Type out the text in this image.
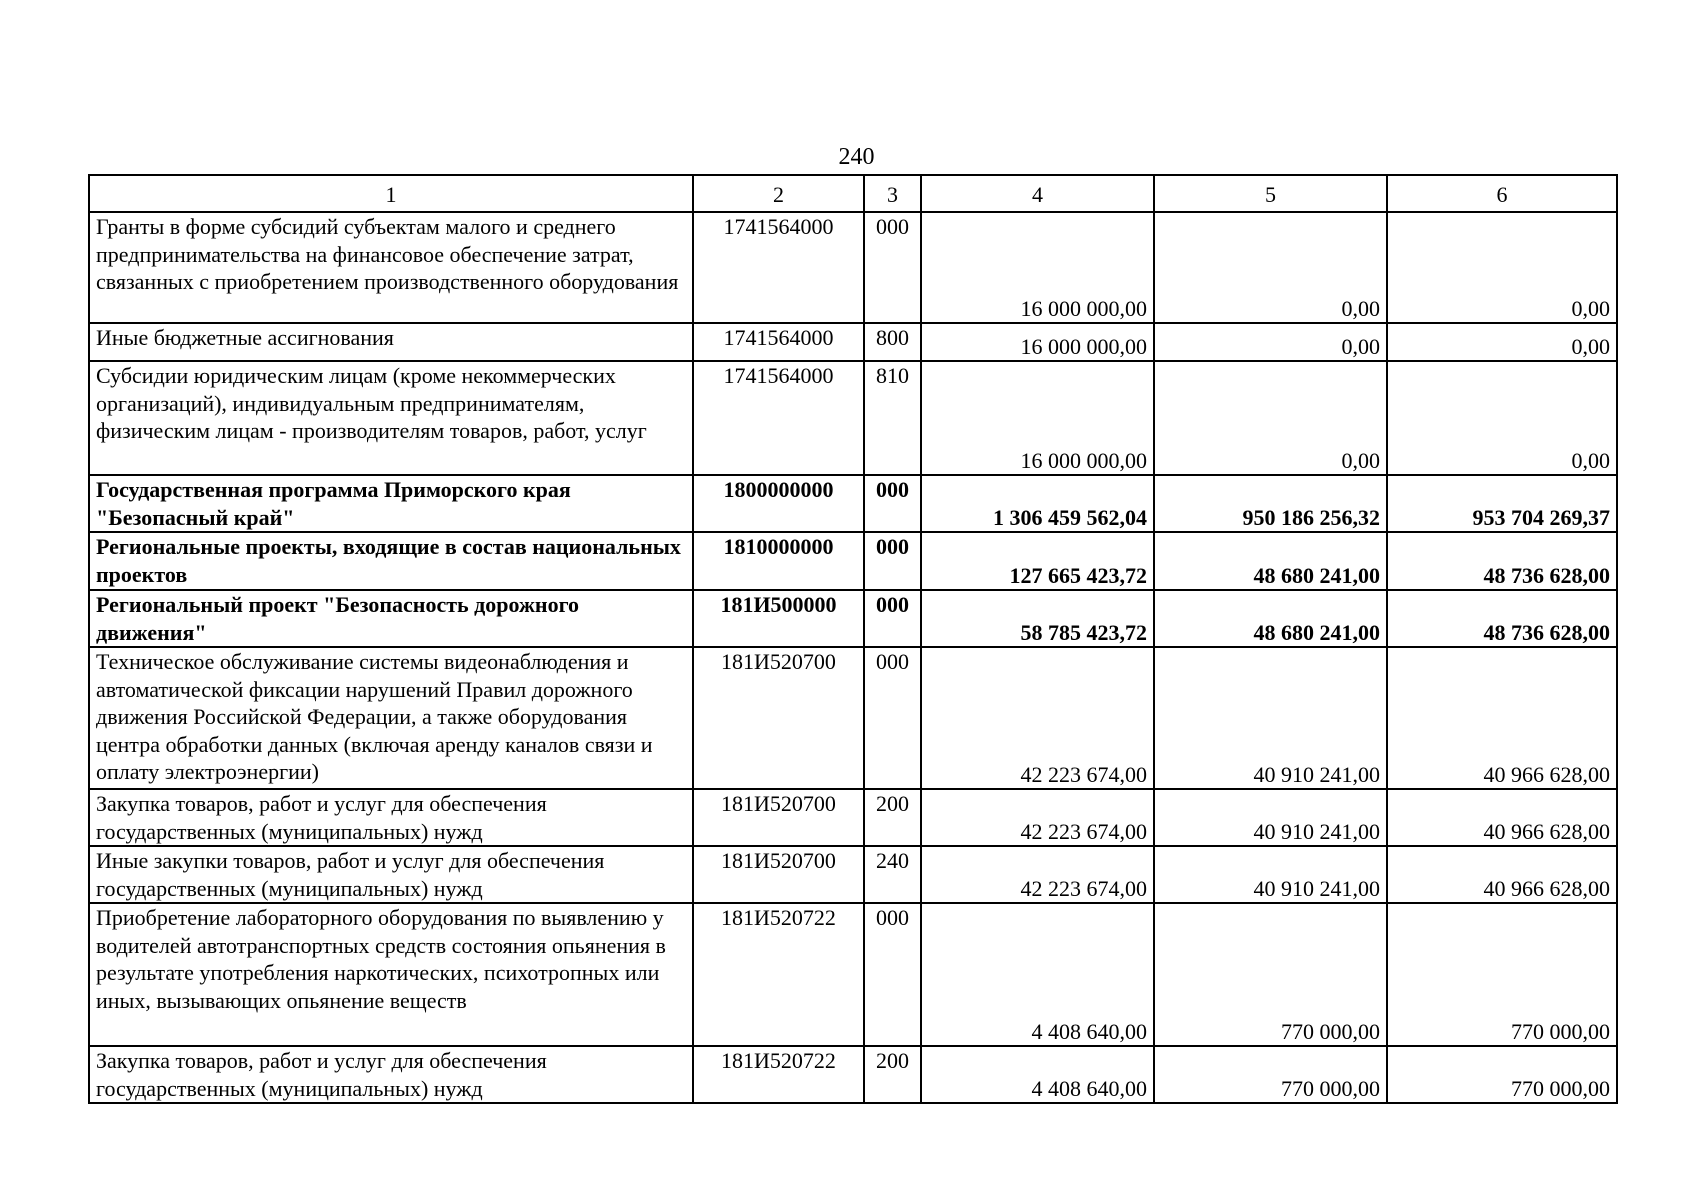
240
1	2	3	4	5	6
Гранты в форме субсидий субъектам малого и среднего предпринимательства на финансовое обеспечение затрат, связанных с приобретением производственного оборудования	1741564000	000	16 000 000,00	0,00	0,00
Иные бюджетные ассигнования	1741564000	800	16 000 000,00	0,00	0,00
Субсидии юридическим лицам (кроме некоммерческих организаций), индивидуальным предпринимателям, физическим лицам - производителям товаров, работ, услуг	1741564000	810	16 000 000,00	0,00	0,00
Государственная программа Приморского края "Безопасный край"	1800000000	000	1 306 459 562,04	950 186 256,32	953 704 269,37
Региональные проекты, входящие в состав национальных проектов	1810000000	000	127 665 423,72	48 680 241,00	48 736 628,00
Региональный проект "Безопасность дорожного движения"	181И500000	000	58 785 423,72	48 680 241,00	48 736 628,00
Техническое обслуживание системы видеонаблюдения и автоматической фиксации нарушений Правил дорожного движения Российской Федерации, а также оборудования центра обработки данных (включая аренду каналов связи и оплату электроэнергии)	181И520700	000	42 223 674,00	40 910 241,00	40 966 628,00
Закупка товаров, работ и услуг для обеспечения государственных (муниципальных) нужд	181И520700	200	42 223 674,00	40 910 241,00	40 966 628,00
Иные закупки товаров, работ и услуг для обеспечения государственных (муниципальных) нужд	181И520700	240	42 223 674,00	40 910 241,00	40 966 628,00
Приобретение лабораторного оборудования по выявлению у водителей автотранспортных средств состояния опьянения в результате употребления наркотических, психотропных или иных, вызывающих опьянение веществ	181И520722	000	4 408 640,00	770 000,00	770 000,00
Закупка товаров, работ и услуг для обеспечения государственных (муниципальных) нужд	181И520722	200	4 408 640,00	770 000,00	770 000,00
